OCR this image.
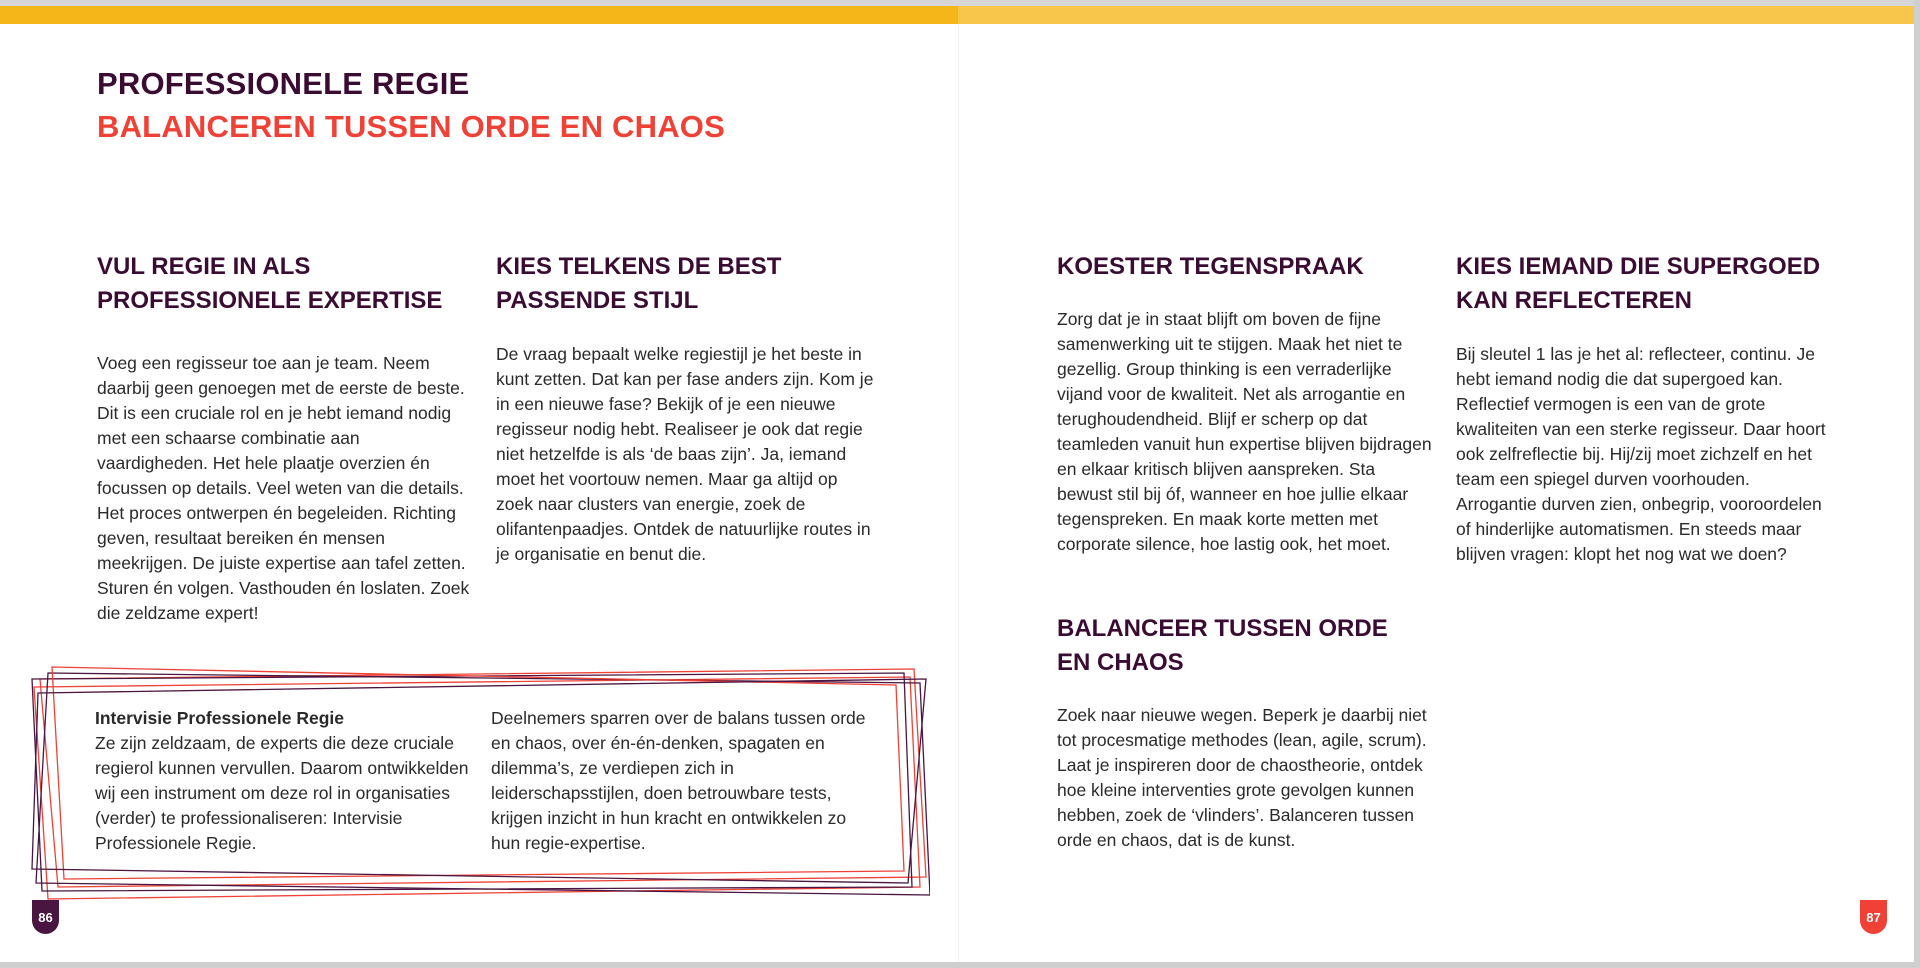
PROFESSIONELE REGIE
BALANCEREN TUSSEN ORDE EN CHAOS
VUL REGIE IN ALS PROFESSIONELE EXPERTISE

Voeg een regisseur toe aan je team. Neem daarbij geen genoegen met de eerste de beste. Dit is een cruciale rol en je hebt iemand nodig met een schaarse combinatie aan vaardigheden. Het hele plaatje overzien én focussen op details. Veel weten van die details. Het proces ontwerpen én begeleiden. Richting geven, resultaat bereiken én mensen meekrijgen. De juiste expertise aan tafel zetten. Sturen én volgen. Vasthouden én loslaten. Zoek die zeldzame expert!

KIES TELKENS DE BEST PASSENDE STIJL

De vraag bepaalt welke regiestijl je het beste in kunt zetten. Dat kan per fase anders zijn. Kom je in een nieuwe fase? Bekijk of je een nieuwe regisseur nodig hebt. Realiseer je ook dat regie niet hetzelfde is als ‘de baas zijn’. Ja, iemand moet het voortouw nemen. Maar ga altijd op zoek naar clusters van energie, zoek de olifantenpaadjes. Ontdek de natuurlijke routes in je organisatie en benut die.

KOESTER TEGENSPRAAK

Zorg dat je in staat blijft om boven de fijne samenwerking uit te stijgen. Maak het niet te gezellig. Group thinking is een verraderlijke vijand voor de kwaliteit. Net als arrogantie en terughoudendheid. Blijf er scherp op dat teamleden vanuit hun expertise blijven bijdragen en elkaar kritisch blijven aanspreken. Sta bewust stil bij óf, wanneer en hoe jullie elkaar tegenspreken. En maak korte metten met corporate silence, hoe lastig ook, het moet.

KIES IEMAND DIE SUPERGOED KAN REFLECTEREN

Bij sleutel 1 las je het al: reflecteer, continu. Je hebt iemand nodig die dat supergoed kan. Reflectief vermogen is een van de grote kwaliteiten van een sterke regisseur. Daar hoort ook zelfreflectie bij. Hij/zij moet zichzelf en het team een spiegel durven voorhouden. Arrogantie durven zien, onbegrip, vooroordelen of hinderlijke automatismen. En steeds maar blijven vragen: klopt het nog wat we doen?

BALANCEER TUSSEN ORDE EN CHAOS

Zoek naar nieuwe wegen. Beperk je daarbij niet tot procesmatige methodes (lean, agile, scrum). Laat je inspireren door de chaostheorie, ontdek hoe kleine interventies grote gevolgen kunnen hebben, zoek de ‘vlinders’. Balanceren tussen orde en chaos, dat is de kunst.

Intervisie Professionele Regie

Ze zijn zeldzaam, de experts die deze cruciale regierol kunnen vervullen. Daarom ontwikkelden wij een instrument om deze rol in organisaties (verder) te professionaliseren: Intervisie Professionele Regie.

Deelnemers sparren over de balans tussen orde en chaos, over én-én-denken, spagaten en dilemma’s, ze verdiepen zich in leiderschapsstijlen, doen betrouwbare tests, krijgen inzicht in hun kracht en ontwikkelen zo hun regie-expertise.

86	87
